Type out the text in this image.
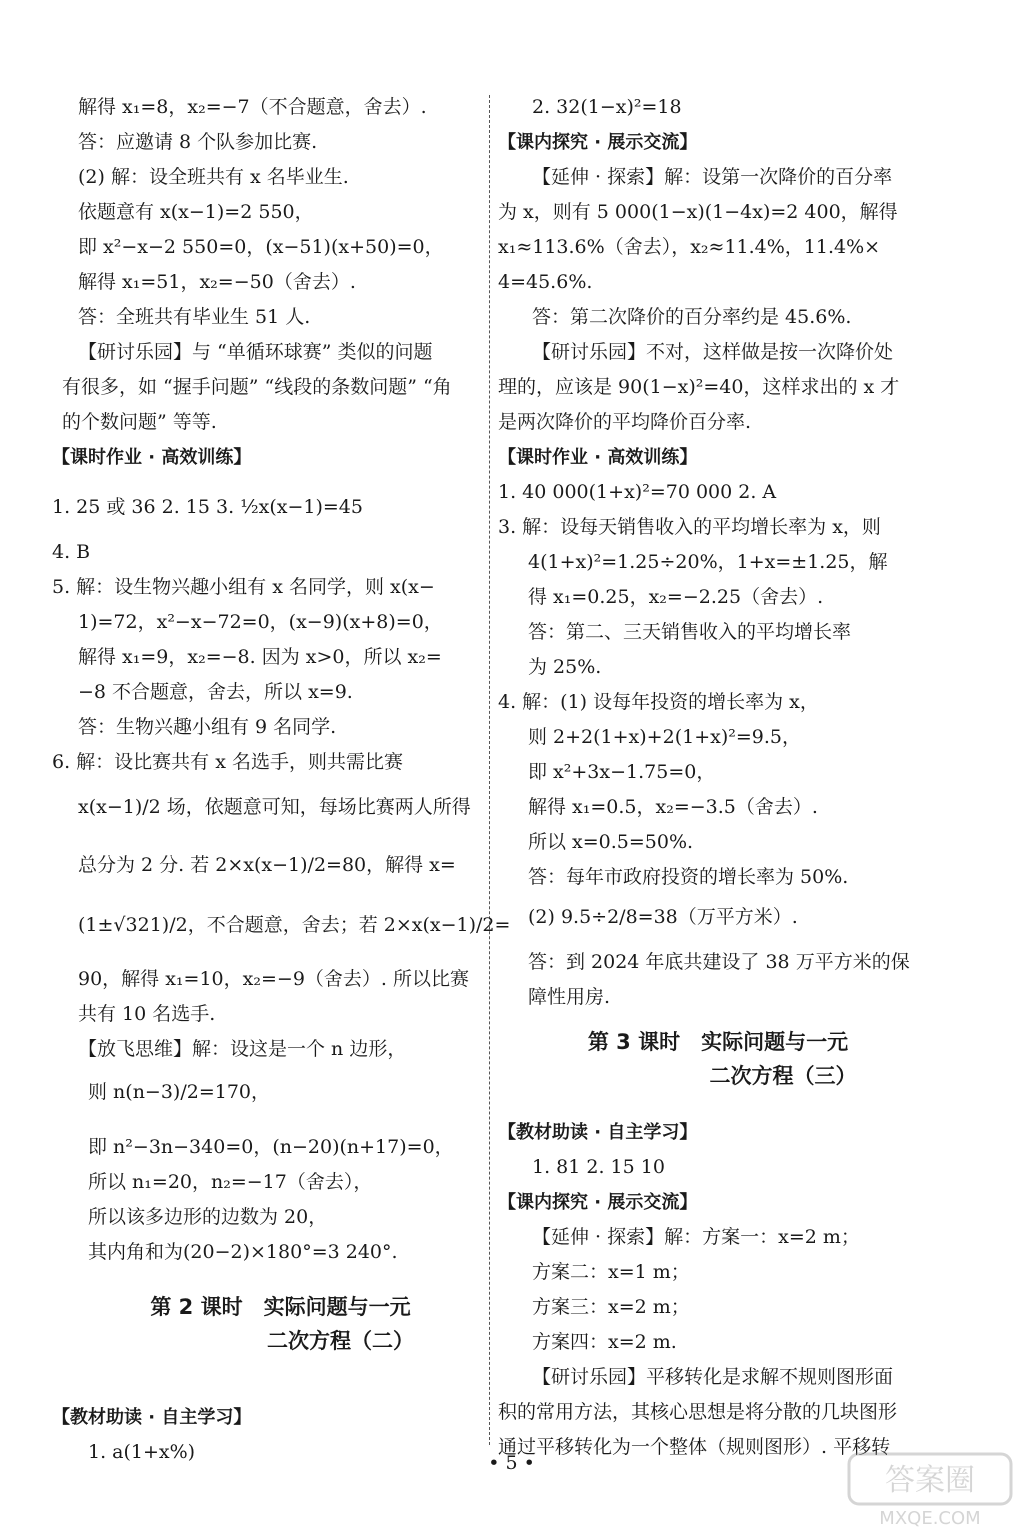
解得 x₁=8，x₂=−7（不合题意，舍去）.
答：应邀请 8 个队参加比赛.
(2) 解：设全班共有 x 名毕业生.
依题意有 x(x−1)=2 550，
即 x²−x−2 550=0，(x−51)(x+50)=0，
解得 x₁=51，x₂=−50（舍去）.
答：全班共有毕业生 51 人.
【研讨乐园】与 “单循环球赛” 类似的问题
有很多，如 “握手问题” “线段的条数问题” “角
的个数问题” 等等.
【课时作业 · 高效训练】
1. 25 或 36 2. 15 3. ½x(x−1)=45
4. B
5. 解：设生物兴趣小组有 x 名同学，则 x(x−
1)=72，x²−x−72=0，(x−9)(x+8)=0，
解得 x₁=9，x₂=−8. 因为 x>0，所以 x₂=
−8 不合题意，舍去，所以 x=9.
答：生物兴趣小组有 9 名同学.
6. 解：设比赛共有 x 名选手，则共需比赛
x(x−1)/2 场，依题意可知，每场比赛两人所得
总分为 2 分. 若 2×x(x−1)/2=80，解得 x=
(1±√321)/2，不合题意，舍去；若 2×x(x−1)/2=
90，解得 x₁=10，x₂=−9（舍去）. 所以比赛
共有 10 名选手.
【放飞思维】解：设这是一个 n 边形，
则 n(n−3)/2=170，
即 n²−3n−340=0，(n−20)(n+17)=0，
所以 n₁=20，n₂=−17（舍去），
所以该多边形的边数为 20，
其内角和为(20−2)×180°=3 240°.
第 2 课时　实际问题与一元
二次方程（二）
【教材助读 · 自主学习】
1. a(1+x%)
2. 32(1−x)²=18
【课内探究 · 展示交流】
【延伸 · 探索】解：设第一次降价的百分率
为 x，则有 5 000(1−x)(1−4x)=2 400，解得
x₁≈113.6%（舍去），x₂≈11.4%，11.4%×
4=45.6%.
答：第二次降价的百分率约是 45.6%.
【研讨乐园】不对，这样做是按一次降价处
理的，应该是 90(1−x)²=40，这样求出的 x 才
是两次降价的平均降价百分率.
【课时作业 · 高效训练】
1. 40 000(1+x)²=70 000 2. A
3. 解：设每天销售收入的平均增长率为 x，则
4(1+x)²=1.25÷20%，1+x=±1.25，解
得 x₁=0.25，x₂=−2.25（舍去）.
答：第二、三天销售收入的平均增长率
为 25%.
4. 解：(1) 设每年投资的增长率为 x，
则 2+2(1+x)+2(1+x)²=9.5，
即 x²+3x−1.75=0，
解得 x₁=0.5，x₂=−3.5（舍去）.
所以 x=0.5=50%.
答：每年市政府投资的增长率为 50%.
(2) 9.5÷2/8=38（万平方米）.
答：到 2024 年底共建设了 38 万平方米的保
障性用房.
第 3 课时　实际问题与一元
二次方程（三）
【教材助读 · 自主学习】
1. 81 2. 15 10
【课内探究 · 展示交流】
【延伸 · 探索】解：方案一：x=2 m；
方案二：x=1 m；
方案三：x=2 m；
方案四：x=2 m.
【研讨乐园】平移转化是求解不规则图形面
积的常用方法，其核心思想是将分散的几块图形
通过平移转化为一个整体（规则图形）. 平移转
• 5 •	答案圈
MXQE.COM
